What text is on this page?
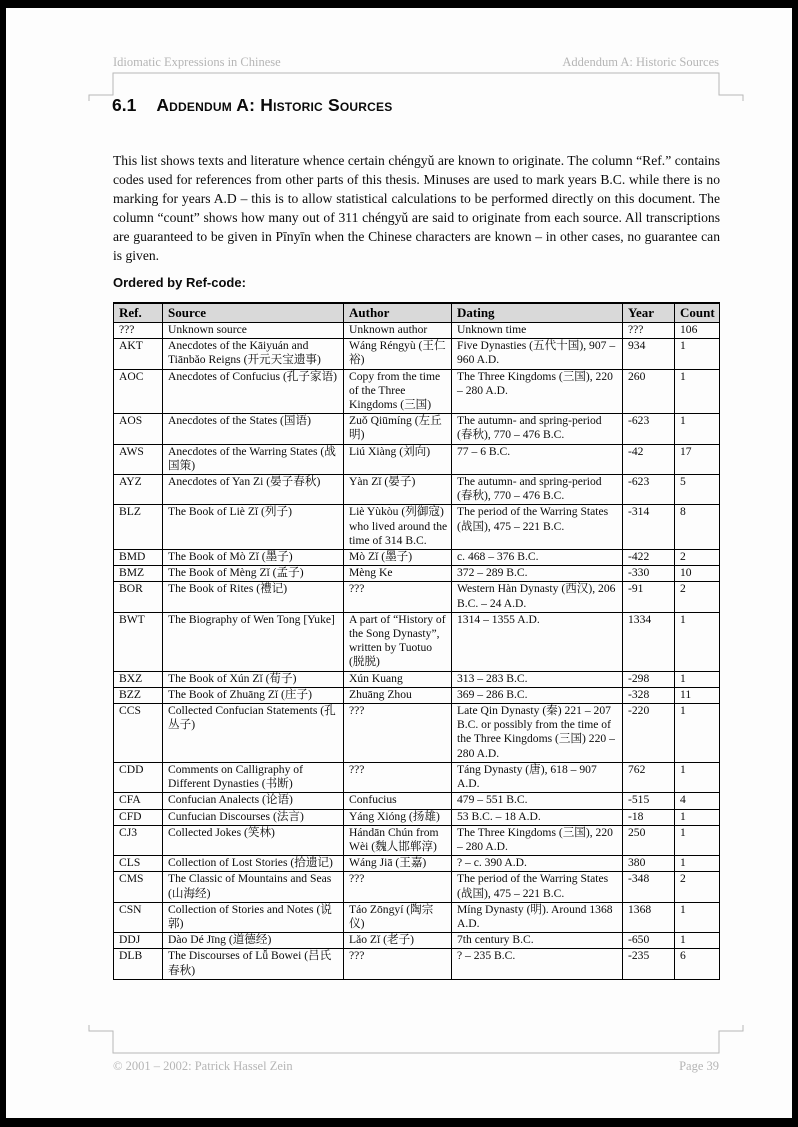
Idiomatic Expressions in Chinese	Addendum A: Historic Sources
6.1 Addendum A: Historic Sources

This list shows texts and literature whence certain chéngyǔ are known to originate. The column “Ref.” contains codes used for references from other parts of this thesis. Minuses are used to mark years B.C. while there is no marking for years A.D – this is to allow statistical calculations to be performed directly on this document. The column “count” shows how many out of 311 chéngyǔ are said to originate from each source. All transcriptions are guaranteed to be given in Pīnyīn when the Chinese characters are known – in other cases, no guarantee can is given.

Ordered by Ref-code:
Ref.	Source	Author	Dating	Year	Count
???	Unknown source	Unknown author	Unknown time	???	106
AKT	Anecdotes of the Kāiyuán and Tiānbǎo Reigns (开元天宝遗事)	Wáng Réngyù (王仁裕)	Five Dynasties (五代十国), 907 – 960 A.D.	934	1
AOC	Anecdotes of Confucius (孔子家语)	Copy from the time of the Three Kingdoms (三国)	The Three Kingdoms (三国), 220 – 280 A.D.	260	1
AOS	Anecdotes of the States (国语)	Zuǒ Qiūmíng (左丘明)	The autumn- and spring-period (春秋), 770 – 476 B.C.	-623	1
AWS	Anecdotes of the Warring States (战国策)	Liú Xiàng (刘向)	77 – 6 B.C.	-42	17
AYZ	Anecdotes of Yan Zi (晏子春秋)	Yàn Zǐ (晏子)	The autumn- and spring-period (春秋), 770 – 476 B.C.	-623	5
BLZ	The Book of Liè Zǐ (列子)	Liè Yùkòu (列御寇) who lived around the time of 314 B.C.	The period of the Warring States (战国), 475 – 221 B.C.	-314	8
BMD	The Book of Mò Zǐ (墨子)	Mò Zǐ (墨子)	c. 468 – 376 B.C.	-422	2
BMZ	The Book of Mèng Zǐ (孟子)	Mèng Ke	372 – 289 B.C.	-330	10
BOR	The Book of Rites (禮记)	???	Western Hàn Dynasty (西汉), 206 B.C. – 24 A.D.	-91	2
BWT	The Biography of Wen Tong [Yuke]	A part of “History of the Song Dynasty”, written by Tuotuo (脱脱)	1314 – 1355 A.D.	1334	1
BXZ	The Book of Xún Zǐ (荀子)	Xún Kuang	313 – 283 B.C.	-298	1
BZZ	The Book of Zhuāng Zǐ (庄子)	Zhuāng Zhou	369 – 286 B.C.	-328	11
CCS	Collected Confucian Statements (孔丛子)	???	Late Qin Dynasty (秦) 221 – 207 B.C. or possibly from the time of the Three Kingdoms (三国) 220 – 280 A.D.	-220	1
CDD	Comments on Calligraphy of Different Dynasties (书断)	???	Táng Dynasty (唐), 618 – 907 A.D.	762	1
CFA	Confucian Analects (论语)	Confucius	479 – 551 B.C.	-515	4
CFD	Cunfucian Discourses (法言)	Yáng Xióng (扬雄)	53 B.C. – 18 A.D.	-18	1
CJ3	Collected Jokes (笑林)	Hándān Chún from Wèi (魏人邯郸淳)	The Three Kingdoms (三国), 220 – 280 A.D.	250	1
CLS	Collection of Lost Stories (拾遗记)	Wáng Jiā (王嘉)	? – c. 390 A.D.	380	1
CMS	The Classic of Mountains and Seas (山海经)	???	The period of the Warring States (战国), 475 – 221 B.C.	-348	2
CSN	Collection of Stories and Notes (说郭)	Táo Zōngyí (陶宗仪)	Míng Dynasty (明). Around 1368 A.D.	1368	1
DDJ	Dào Dé Jīng (道德经)	Lǎo Zǐ (老子)	7th century B.C.	-650	1
DLB	The Discourses of Lǚ Bowei (吕氏春秋)	???	? – 235 B.C.	-235	6
© 2001 – 2002: Patrick Hassel Zein	Page 39
